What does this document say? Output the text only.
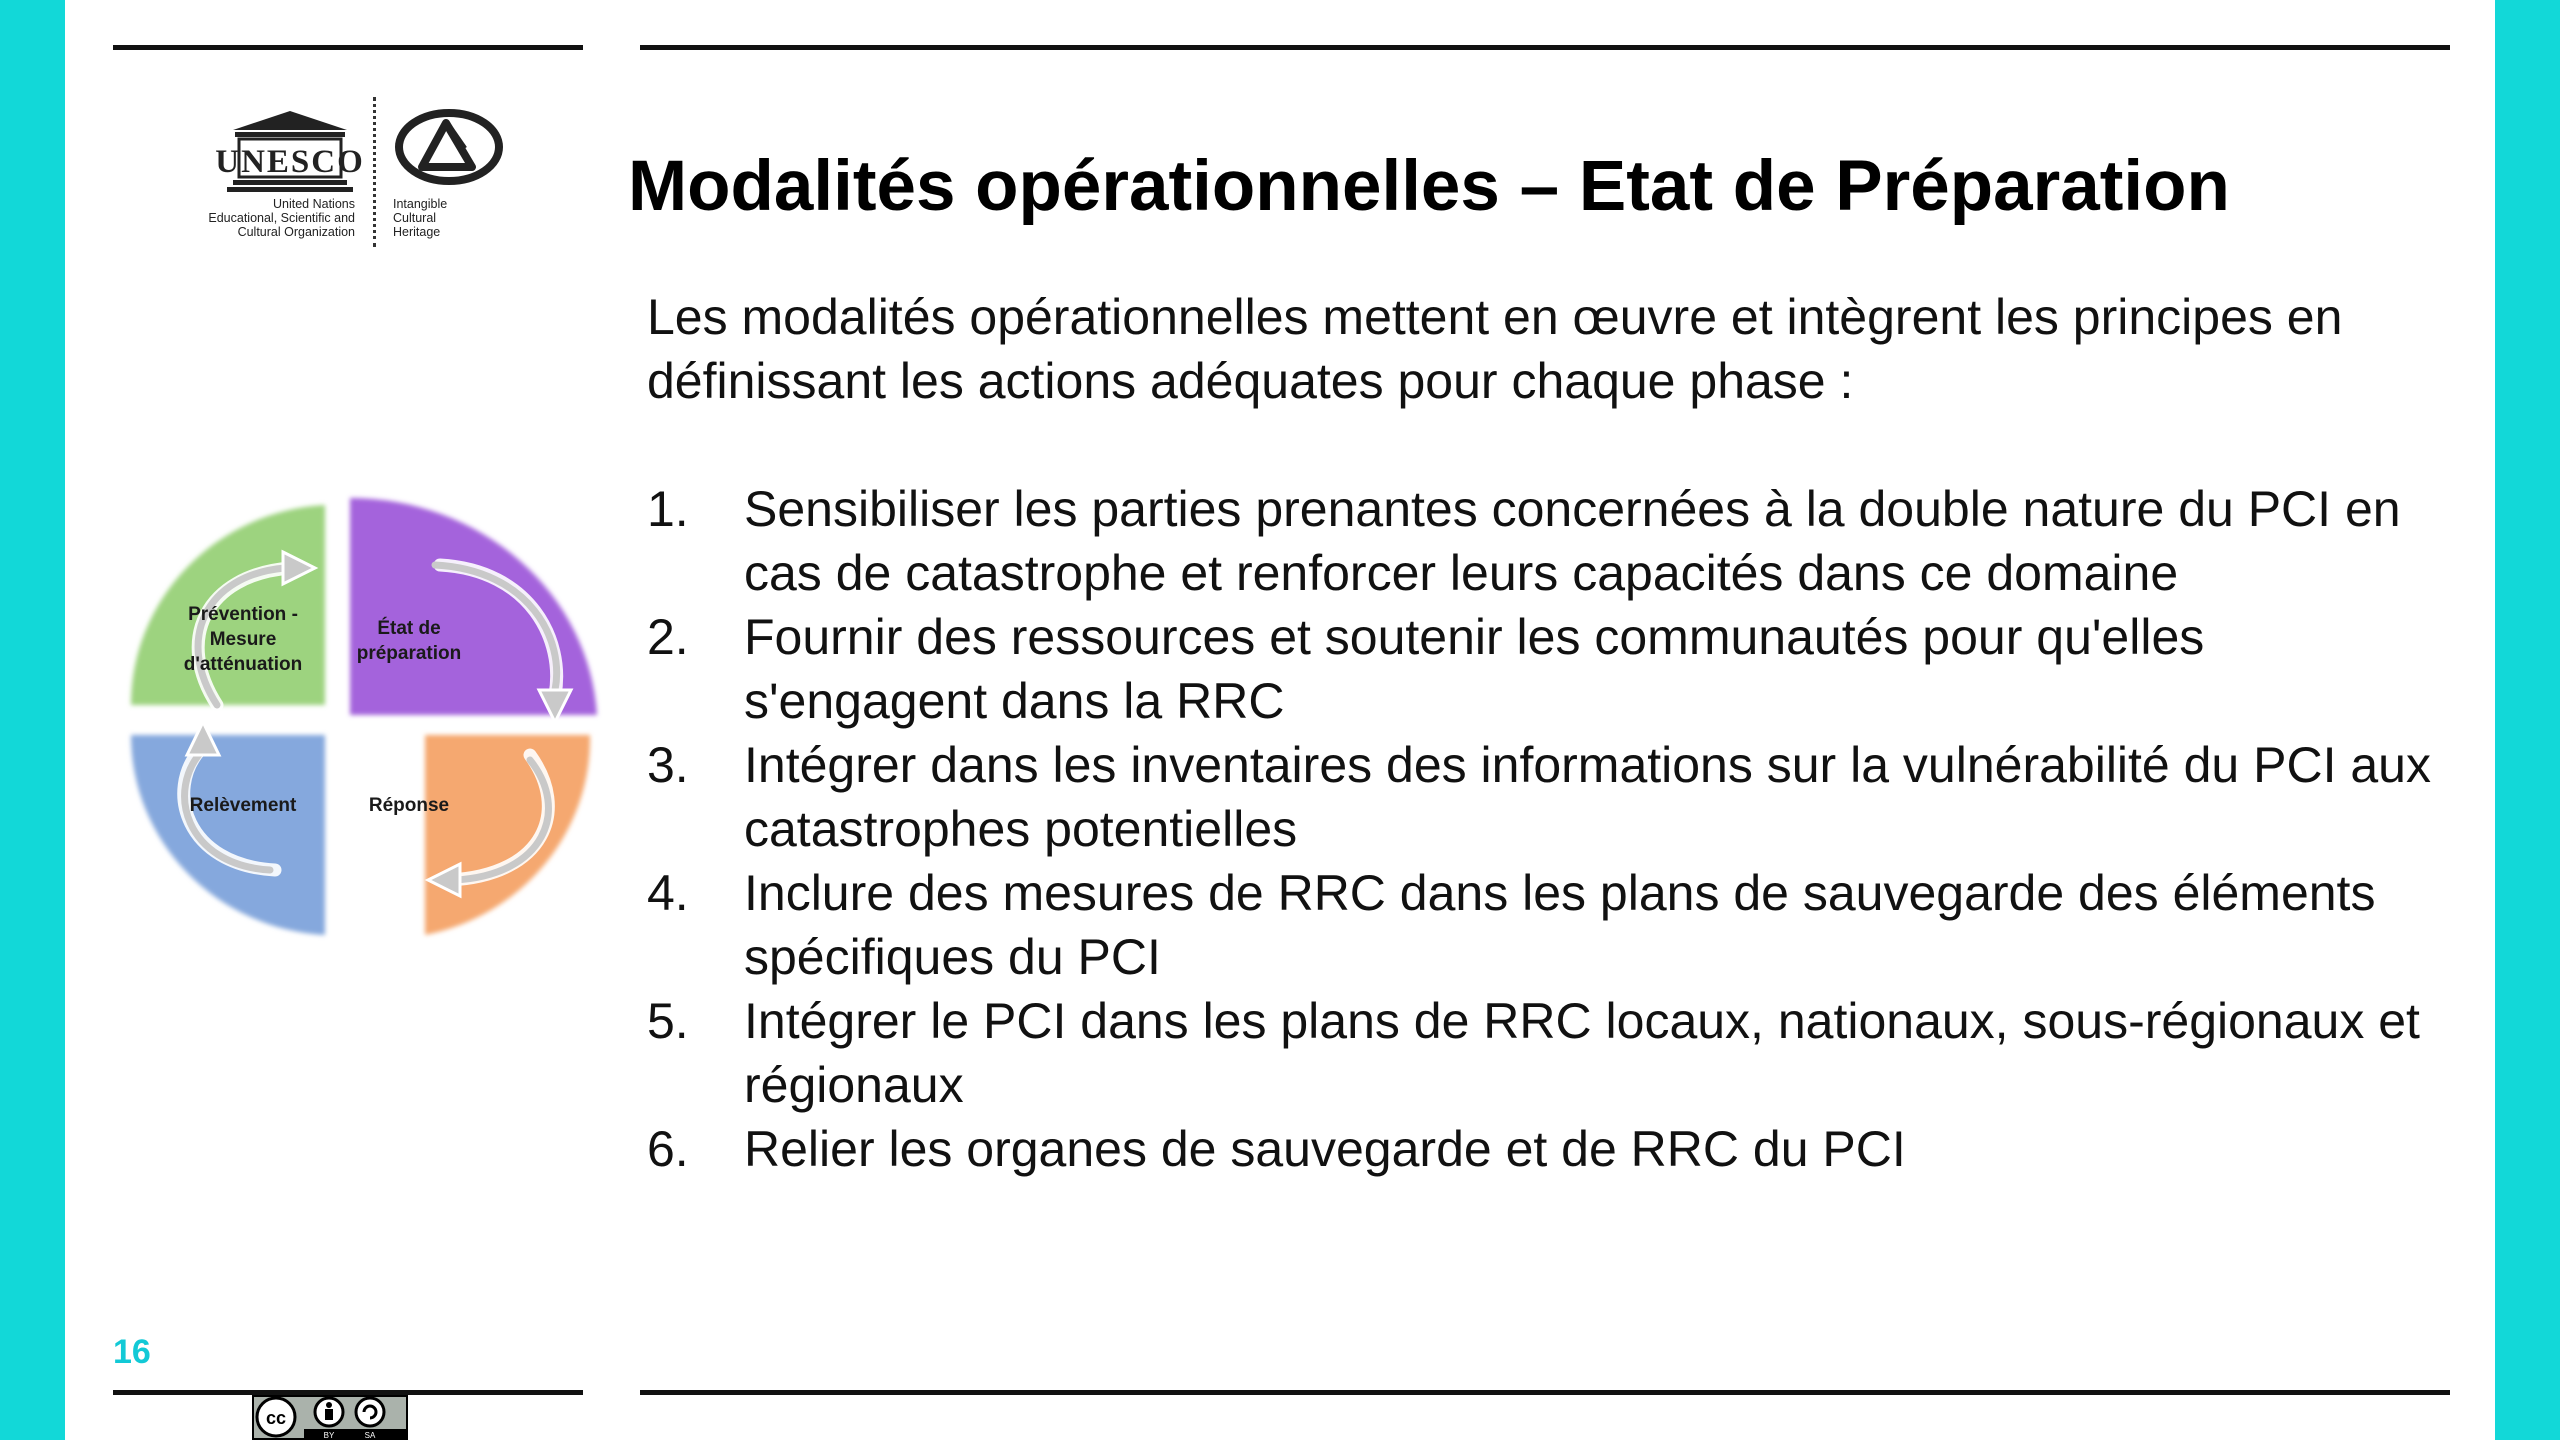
UNESCO
United Nations
Educational, Scientific and
Cultural Organization
Intangible
Cultural
Heritage
Modalités opérationnelles – Etat de Préparation
Les modalités opérationnelles mettent en œuvre et intègrent les principes en définissant les actions adéquates pour chaque phase :
1. Sensibiliser les parties prenantes concernées à la double nature du PCI en cas de catastrophe et renforcer leurs capacités dans ce domaine
2. Fournir des ressources et soutenir les communautés pour qu'elles s'engagent dans la RRC
3. Intégrer dans les inventaires des informations sur la vulnérabilité du PCI aux catastrophes potentielles
4. Inclure des mesures de RRC dans les plans de sauvegarde des éléments spécifiques du PCI
5. Intégrer le PCI dans les plans de RRC locaux, nationaux, sous-régionaux et régionaux
6. Relier les organes de sauvegarde et de RRC du PCI
Prévention -
Mesure
d'atténuation
État de
préparation
Relèvement	Réponse
16
cc
BY	SA
